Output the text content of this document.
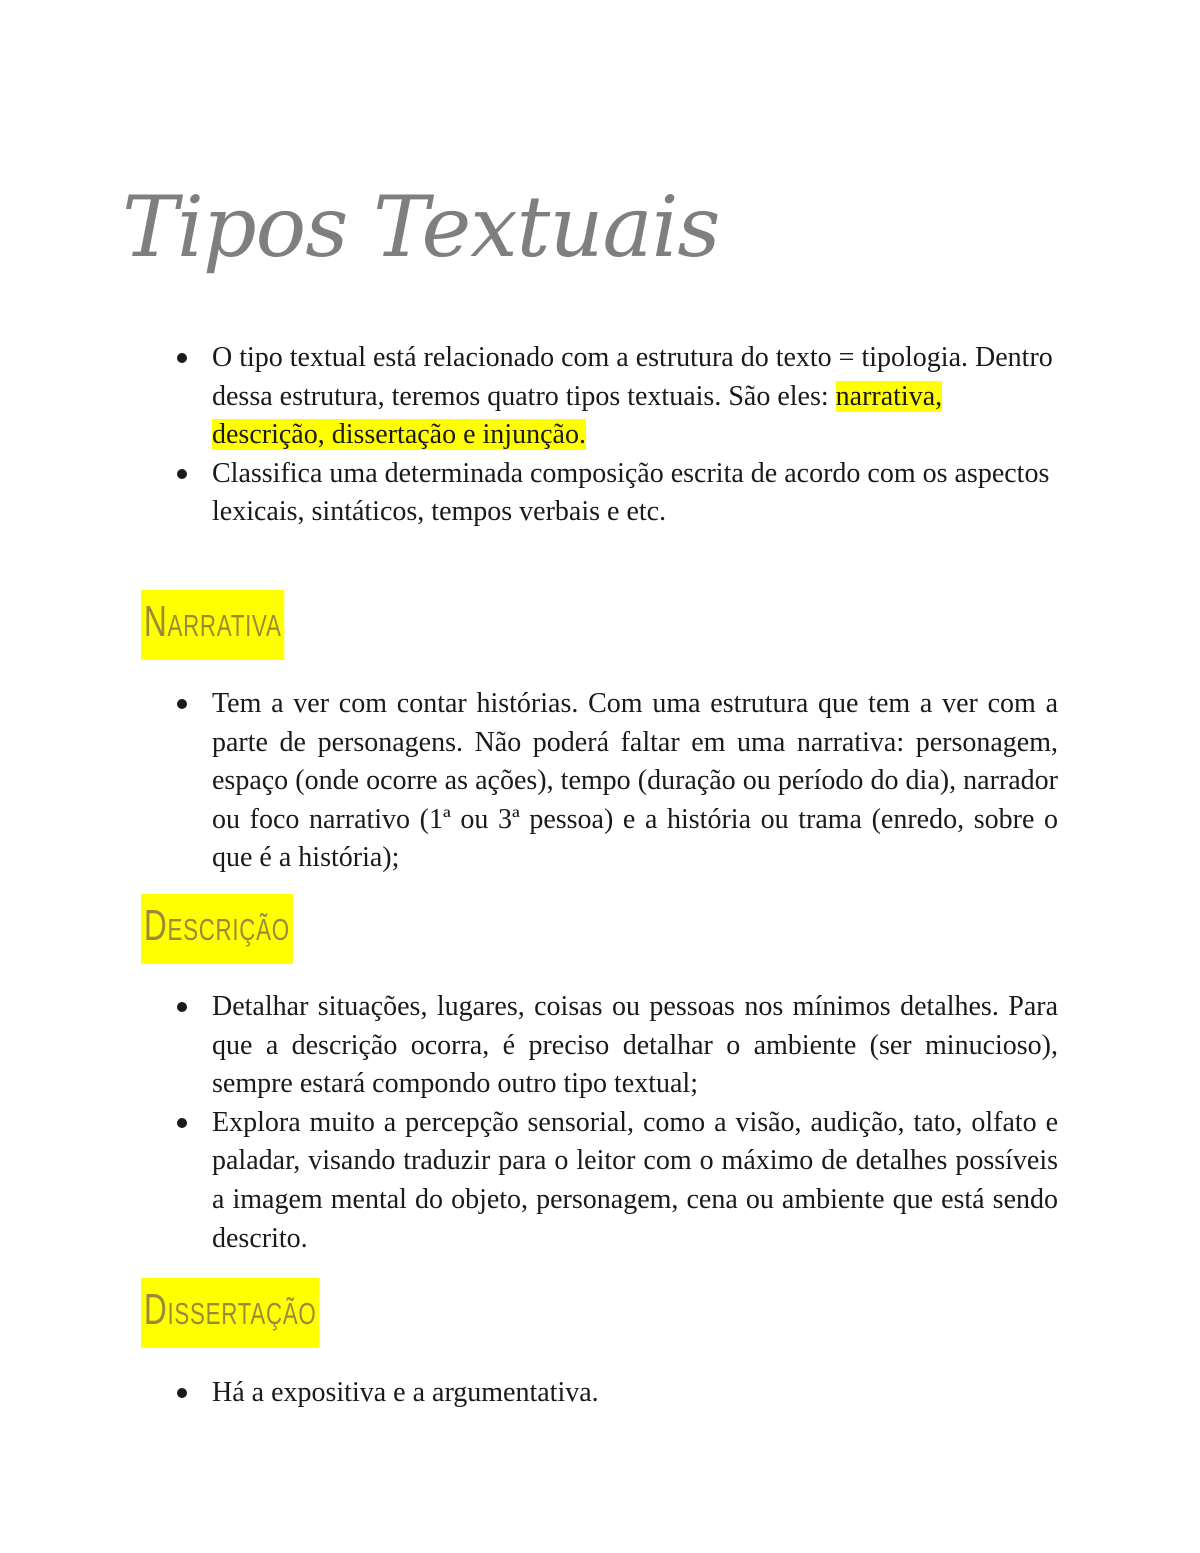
Tipos Textuais
O tipo textual está relacionado com a estrutura do texto = tipologia. Dentro dessa estrutura, teremos quatro tipos textuais. São eles: narrativa, descrição, dissertação e injunção.
Classifica uma determinada composição escrita de acordo com os aspectos lexicais, sintáticos, tempos verbais e etc.
Narrativa
Tem a ver com contar histórias. Com uma estrutura que tem a ver com a parte de personagens. Não poderá faltar em uma narrativa: personagem, espaço (onde ocorre as ações), tempo (duração ou período do dia), narrador ou foco narrativo (1ª ou 3ª pessoa) e a história ou trama (enredo, sobre o que é a história);
Descrição
Detalhar situações, lugares, coisas ou pessoas nos mínimos detalhes. Para que a descrição ocorra, é preciso detalhar o ambiente (ser minucioso), sempre estará compondo outro tipo textual;
Explora muito a percepção sensorial, como a visão, audição, tato, olfato e paladar, visando traduzir para o leitor com o máximo de detalhes possíveis a imagem mental do objeto, personagem, cena ou ambiente que está sendo descrito.
Dissertação
Há a expositiva e a argumentativa.
